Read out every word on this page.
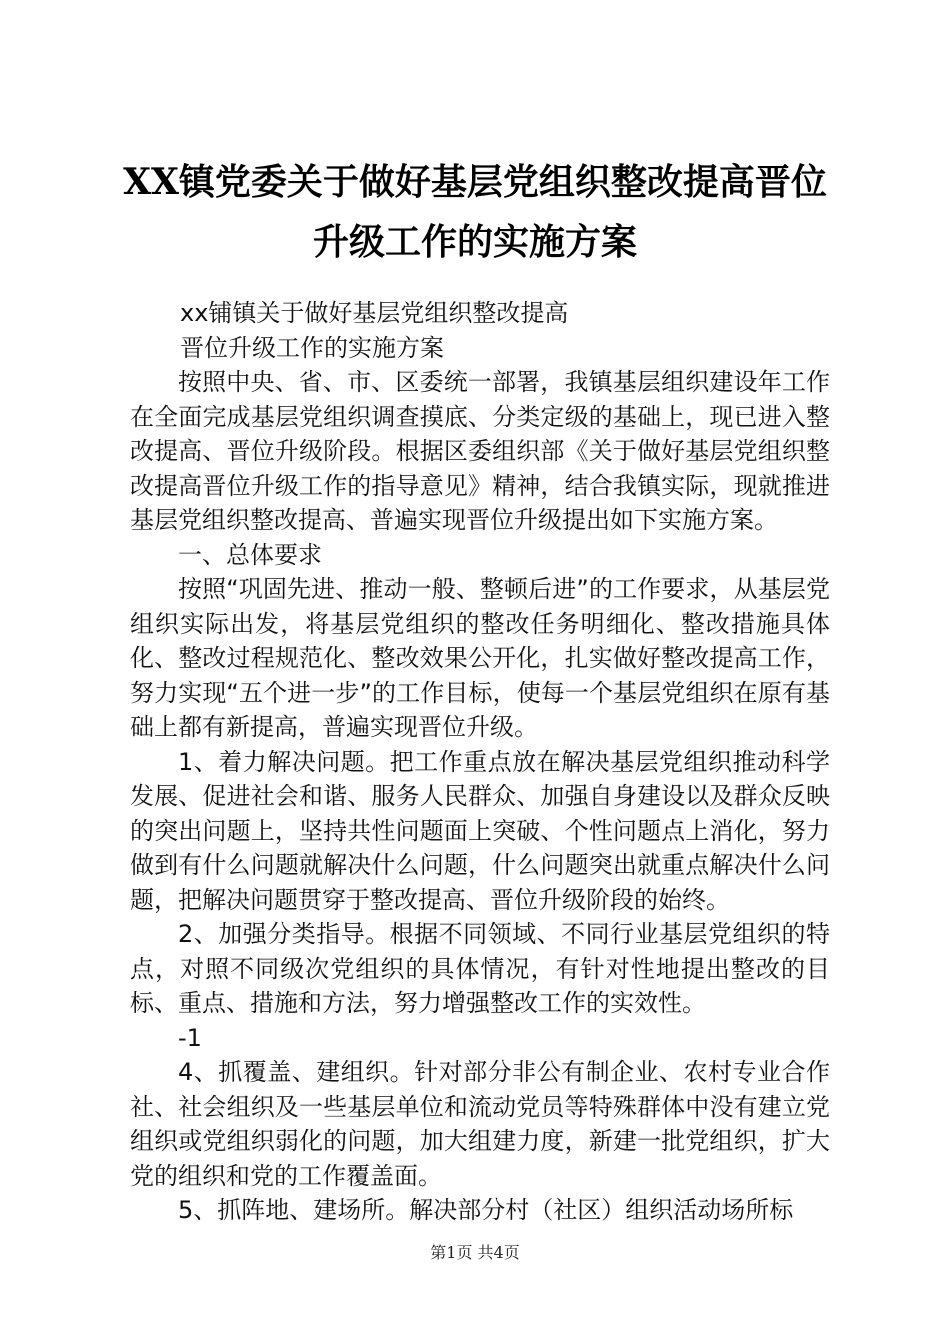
XX镇党委关于做好基层党组织整改提高晋位
升级工作的实施方案
xx铺镇关于做好基层党组织整改提高
晋位升级工作的实施方案
按照中央、省、市、区委统一部署，我镇基层组织建设年工作在全面完成基层党组织调查摸底、分类定级的基础上，现已进入整改提高、晋位升级阶段。根据区委组织部《关于做好基层党组织整改提高晋位升级工作的指导意见》精神，结合我镇实际，现就推进基层党组织整改提高、普遍实现晋位升级提出如下实施方案。
一、总体要求
按照“巩固先进、推动一般、整顿后进”的工作要求，从基层党组织实际出发，将基层党组织的整改任务明细化、整改措施具体化、整改过程规范化、整改效果公开化，扎实做好整改提高工作，努力实现“五个进一步”的工作目标，使每一个基层党组织在原有基础上都有新提高，普遍实现晋位升级。
1、着力解决问题。把工作重点放在解决基层党组织推动科学发展、促进社会和谐、服务人民群众、加强自身建设以及群众反映的突出问题上，坚持共性问题面上突破、个性问题点上消化，努力做到有什么问题就解决什么问题，什么问题突出就重点解决什么问题，把解决问题贯穿于整改提高、晋位升级阶段的始终。
2、加强分类指导。根据不同领域、不同行业基层党组织的特点，对照不同级次党组织的具体情况，有针对性地提出整改的目标、重点、措施和方法，努力增强整改工作的实效性。
-1
4、抓覆盖、建组织。针对部分非公有制企业、农村专业合作社、社会组织及一些基层单位和流动党员等特殊群体中没有建立党组织或党组织弱化的问题，加大组建力度，新建一批党组织，扩大党的组织和党的工作覆盖面。
5、抓阵地、建场所。解决部分村（社区）组织活动场所标
第1页 共4页
